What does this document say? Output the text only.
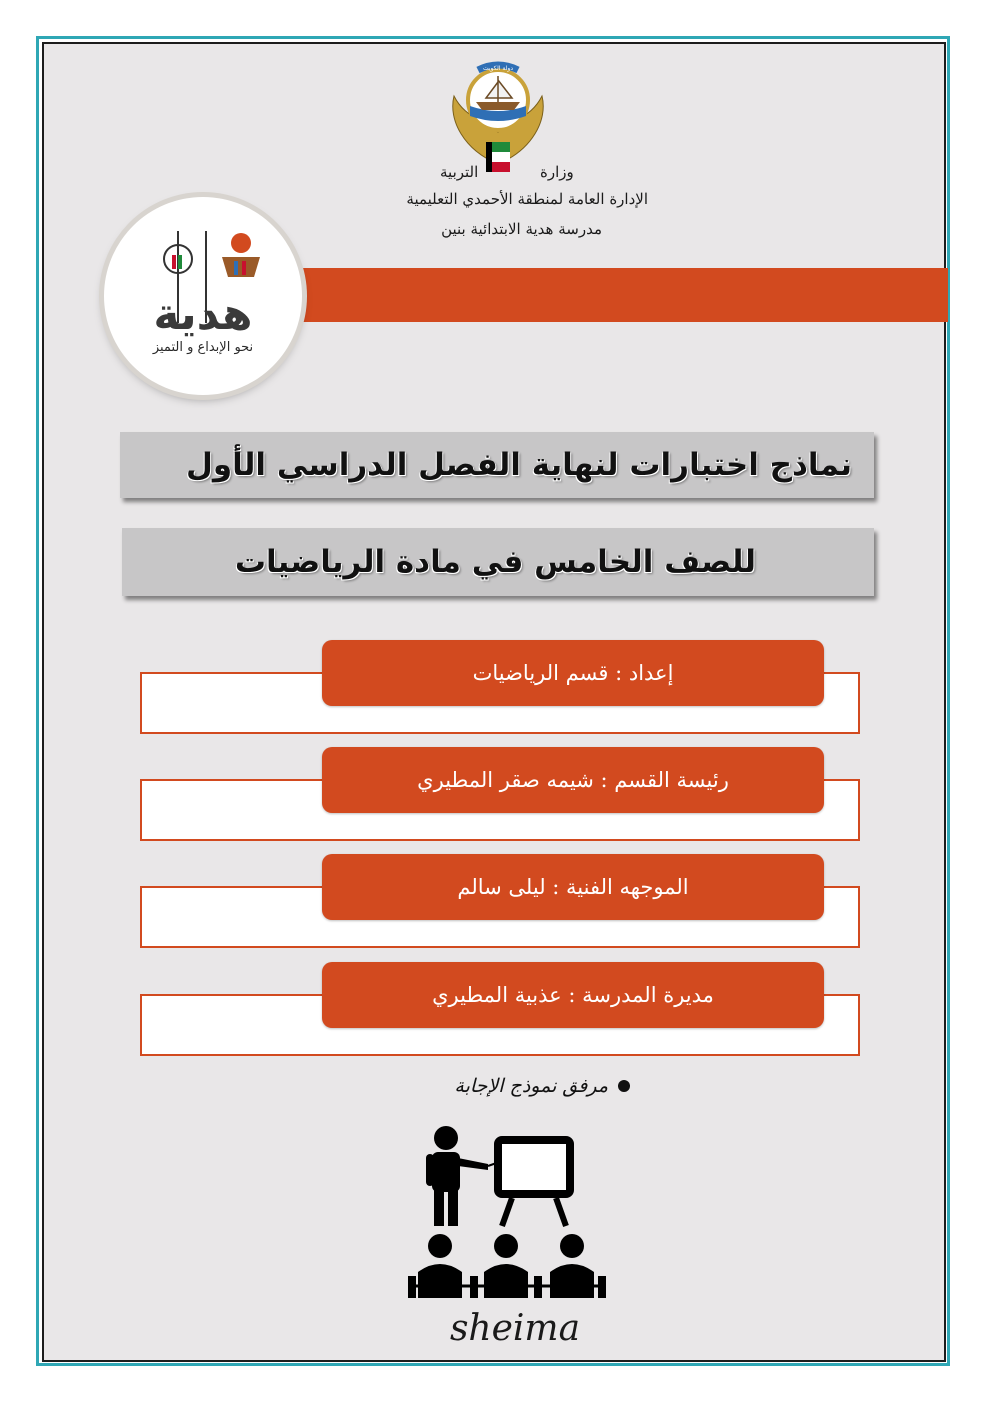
دولة الكويت
وزارة
التربية
الإدارة العامة لمنطقة الأحمدي التعليمية
مدرسة هدية الابتدائية بنين
هدية
نحو الإبداع و التميز
نماذج اختبارات لنهاية الفصل الدراسي الأول
للصف الخامس في مادة الرياضيات
إعداد : قسم الرياضيات
رئيسة القسم : شيمه صقر المطيري
الموجهه الفنية : ليلى سالم
مديرة المدرسة : عذبية المطيري
مرفق نموذج الإجابة
sheima
